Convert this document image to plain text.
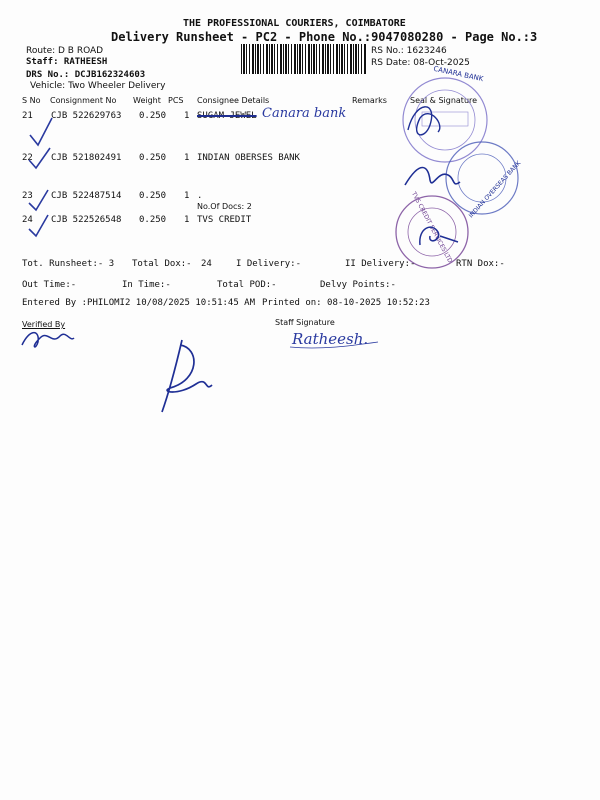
THE PROFESSIONAL COURIERS, COIMBATORE
Delivery Runsheet - PC2 - Phone No.:9047080280 - Page No.:3
Route: D B ROAD
Staff: RATHEESH
DRS No.: DCJB162324603
Vehicle: Two Wheeler Delivery
RS No.: 1623246
RS Date: 08-Oct-2025
S No Consignment No Weight PCS Consignee Details	Remarks	Seal & Signature
21 CJB 522629763 0.250 1 SUGAM JEWEL Canara bank
22 CJB 521802491 0.250 1 INDIAN OBERSES BANK
23 CJB 522487514 0.250 1 .
No.Of Docs: 2
24 CJB 522526548 0.250 1 TVS CREDIT
Tot. Runsheet:- 3 Total Dox:- 24	I Delivery:-	II Delivery:-	RTN Dox:-
Out Time:-	In Time:-	Total POD:-	Delvy Points:-
Entered By :PHILOMI2 10/08/2025 10:51:45 AM Printed on: 08-10-2025 10:52:23
Verified By	Staff Signature
Ratheesh.
CANARA BANK
INDIAN OVERSEAS BANK
TVS CREDIT SERVICES LTD
